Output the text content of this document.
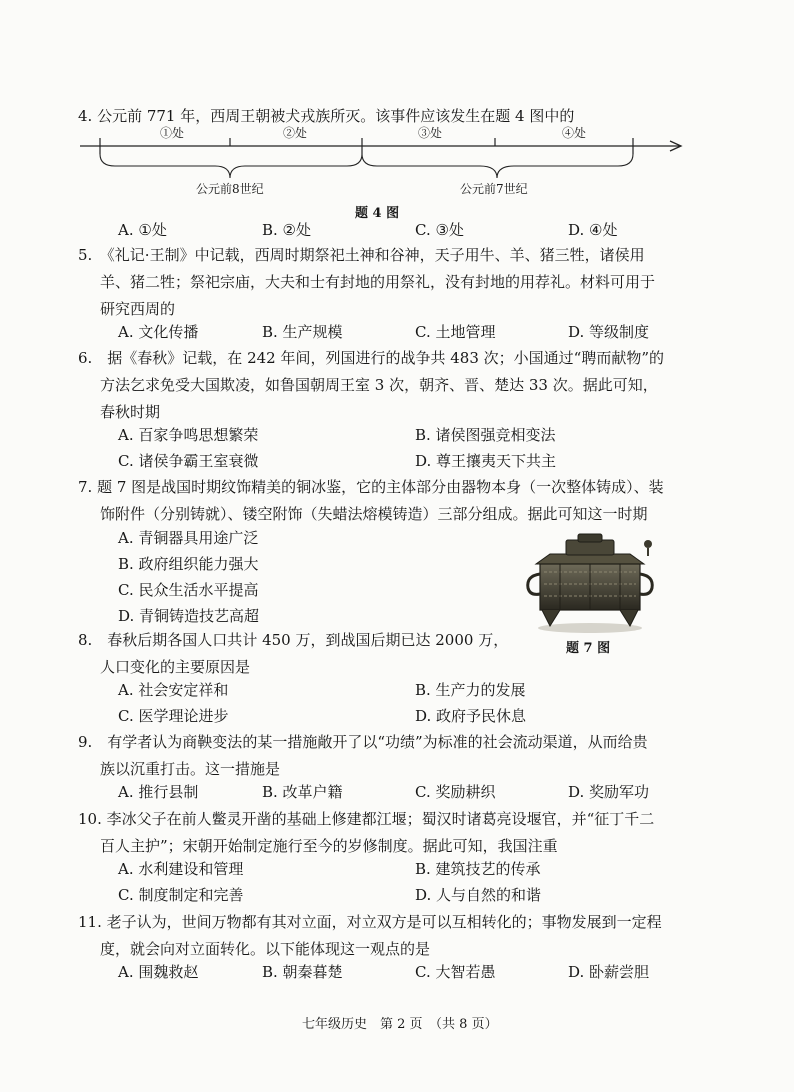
4. 公元前 771 年，西周王朝被犬戎族所灭。该事件应该发生在题 4 图中的
①处	②处	③处	④处
公元前8世纪	公元前7世纪
题 4 图
A. ①处	B. ②处	C. ③处	D. ④处
5.　《礼记·王制》中记载，西周时期祭祀土神和谷神，天子用牛、羊、猪三牲，诸侯用
羊、猪二牲；祭祀宗庙，大夫和士有封地的用祭礼，没有封地的用荐礼。材料可用于
研究西周的
A. 文化传播	B. 生产规模	C. 土地管理	D. 等级制度
6.　据《春秋》记载，在 242 年间，列国进行的战争共 483 次；小国通过“聘而献物”的
方法乞求免受大国欺凌，如鲁国朝周王室 3 次，朝齐、晋、楚达 33 次。据此可知，
春秋时期
A. 百家争鸣思想繁荣	B. 诸侯图强竞相变法
C. 诸侯争霸王室衰微	D. 尊王攘夷天下共主
7. 题 7 图是战国时期纹饰精美的铜冰鉴，它的主体部分由器物本身（一次整体铸成）、装
饰附件（分别铸就）、镂空附饰（失蜡法熔模铸造）三部分组成。据此可知这一时期
A. 青铜器具用途广泛
B. 政府组织能力强大
C. 民众生活水平提高
D. 青铜铸造技艺高超
题 7 图
8.　春秋后期各国人口共计 450 万，到战国后期已达 2000 万，
人口变化的主要原因是
A. 社会安定祥和	B. 生产力的发展
C. 医学理论进步	D. 政府予民休息
9.　有学者认为商鞅变法的某一措施敞开了以“功绩”为标准的社会流动渠道，从而给贵
族以沉重打击。这一措施是
A. 推行县制	B. 改革户籍	C. 奖励耕织	D. 奖励军功
10. 李冰父子在前人鳖灵开凿的基础上修建都江堰；蜀汉时诸葛亮设堰官，并“征丁千二
百人主护”；宋朝开始制定施行至今的岁修制度。据此可知，我国注重
A. 水利建设和管理	B. 建筑技艺的传承
C. 制度制定和完善	D. 人与自然的和谐
11. 老子认为，世间万物都有其对立面，对立双方是可以互相转化的；事物发展到一定程
度，就会向对立面转化。以下能体现这一观点的是
A. 围魏救赵	B. 朝秦暮楚	C. 大智若愚	D. 卧薪尝胆
七年级历史　第 2 页　（共 8 页）
